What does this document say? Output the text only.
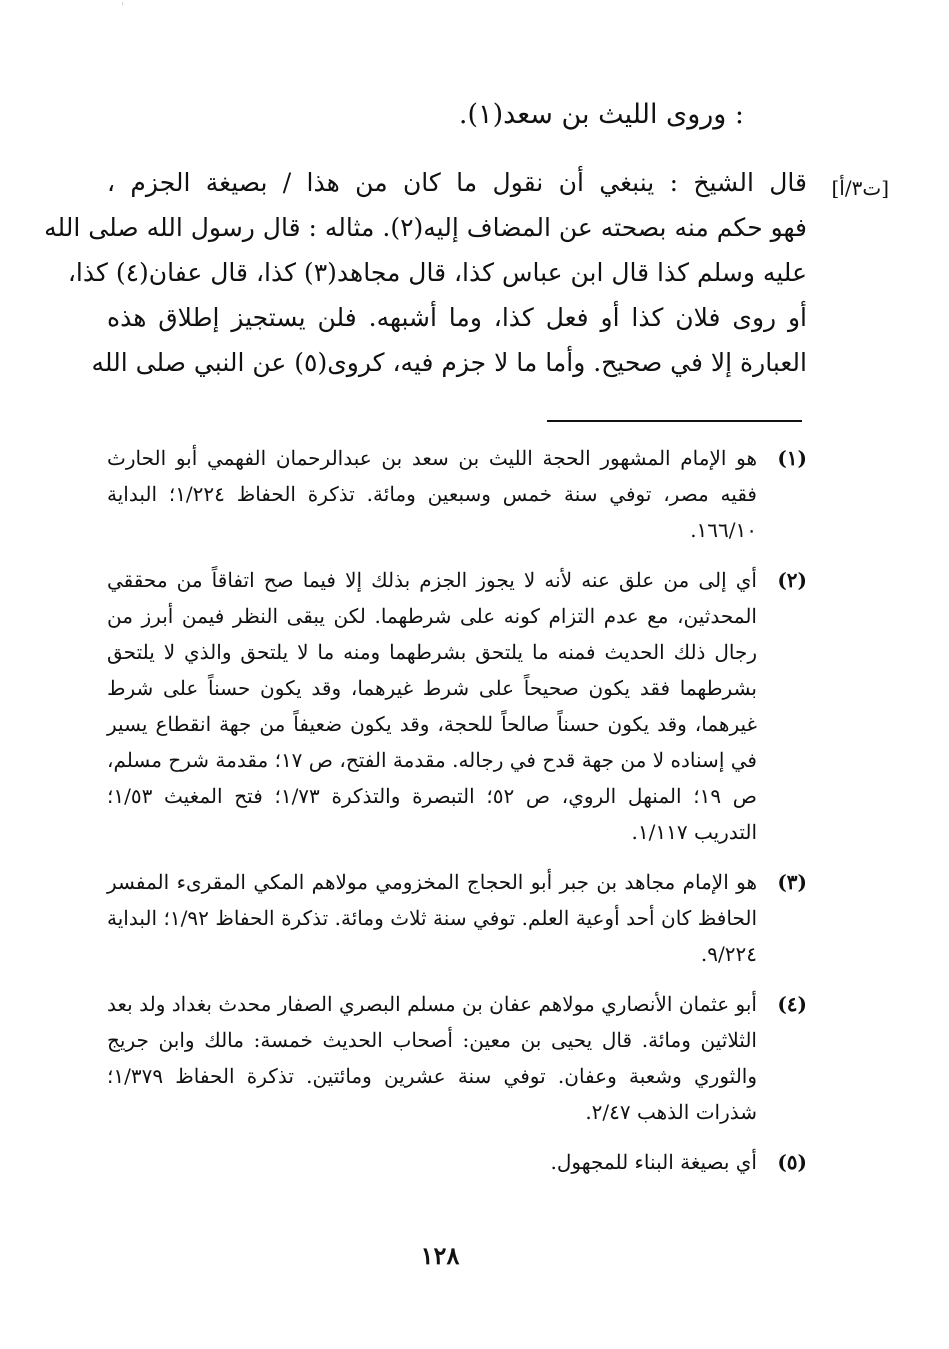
'
: وروى الليث بن سعد(١).
[ت٣/أ]
قال الشيخ : ينبغي أن نقول ما كان من هذا / بصيغة الجزم ،
فهو حكم منه بصحته عن المضاف إليه(٢). مثاله : قال رسول الله صلى الله
عليه وسلم كذا قال ابن عباس كذا، قال مجاهد(٣) كذا، قال عفان(٤) كذا،
أو روى فلان كذا أو فعل كذا، وما أشبهه. فلن يستجيز إطلاق هذه
العبارة إلا في صحيح. وأما ما لا جزم فيه، كروى(٥) عن النبي صلى الله
(١)
هو الإمام المشهور الحجة الليث بن سعد بن عبدالرحمان الفهمي أبو الحارث فقيه مصر، توفي سنة خمس وسبعين ومائة. تذكرة الحفاظ ١/٢٢٤؛ البداية ١٦٦/١٠.
(٢)
أي إلى من علق عنه لأنه لا يجوز الجزم بذلك إلا فيما صح اتفاقاً من محققي المحدثين، مع عدم التزام كونه على شرطهما. لكن يبقى النظر فيمن أبرز من رجال ذلك الحديث فمنه ما يلتحق بشرطهما ومنه ما لا يلتحق والذي لا يلتحق بشرطهما فقد يكون صحيحاً على شرط غيرهما، وقد يكون حسناً على شرط غيرهما، وقد يكون حسناً صالحاً للحجة، وقد يكون ضعيفاً من جهة انقطاع يسير في إسناده لا من جهة قدح في رجاله. مقدمة الفتح، ص ١٧؛ مقدمة شرح مسلم، ص ١٩؛ المنهل الروي، ص ٥٢؛ التبصرة والتذكرة ١/٧٣؛ فتح المغيث ١/٥٣؛ التدريب ١/١١٧.
(٣)
هو الإمام مجاهد بن جبر أبو الحجاج المخزومي مولاهم المكي المقرىء المفسر الحافظ كان أحد أوعية العلم. توفي سنة ثلاث ومائة. تذكرة الحفاظ ١/٩٢؛ البداية ٩/٢٢٤.
(٤)
أبو عثمان الأنصاري مولاهم عفان بن مسلم البصري الصفار محدث بغداد ولد بعد الثلاثين ومائة. قال يحيى بن معين: أصحاب الحديث خمسة: مالك وابن جريج والثوري وشعبة وعفان. توفي سنة عشرين ومائتين. تذكرة الحفاظ ١/٣٧٩؛ شذرات الذهب ٢/٤٧.
(٥)
أي بصيغة البناء للمجهول.
١٢٨
